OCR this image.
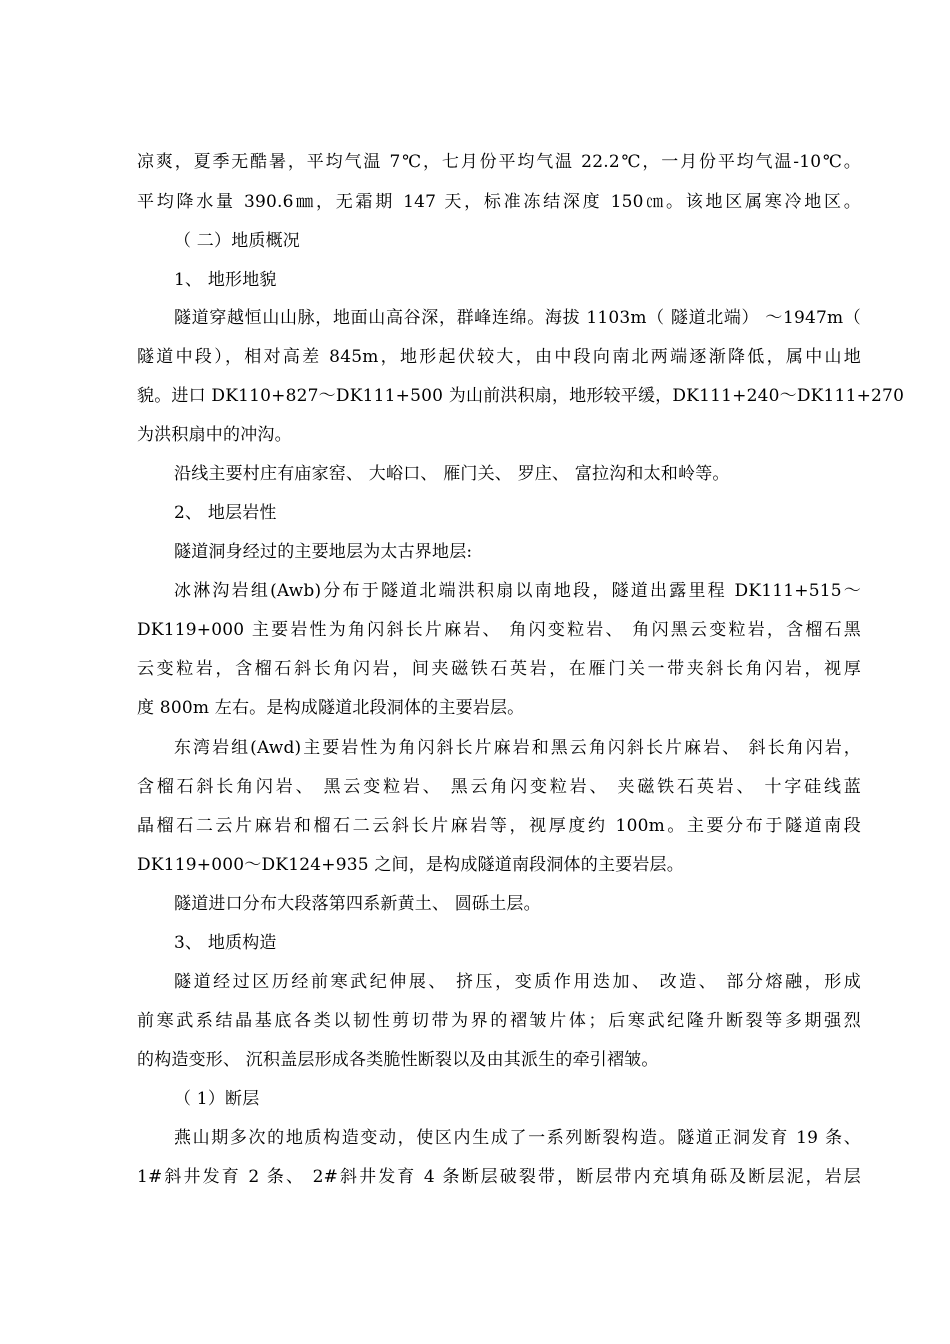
凉爽，夏季无酷暑，平均气温 7℃，七月份平均气温 22.2℃，一月份平均气温-10℃。
平均降水量 390.6㎜，无霜期 147 天，标准冻结深度 150㎝。该地区属寒冷地区。
（ 二）地质概况
1、 地形地貌
隧道穿越恒山山脉，地面山高谷深，群峰连绵。海拔 1103m（ 隧道北端） ～1947m（
隧道中段），相对高差 845m，地形起伏较大，由中段向南北两端逐渐降低，属中山地
貌。进口 DK110+827～DK111+500 为山前洪积扇，地形较平缓，DK111+240～DK111+270
为洪积扇中的冲沟。
沿线主要村庄有庙家窑、 大峪口、 雁门关、 罗庄、 富拉沟和太和岭等。
2、 地层岩性
隧道洞身经过的主要地层为太古界地层:
冰淋沟岩组(Awb)分布于隧道北端洪积扇以南地段，隧道出露里程 DK111+515～
DK119+000 主要岩性为角闪斜长片麻岩、 角闪变粒岩、 角闪黑云变粒岩，含榴石黑
云变粒岩，含榴石斜长角闪岩，间夹磁铁石英岩，在雁门关一带夹斜长角闪岩，视厚
度 800m 左右。是构成隧道北段洞体的主要岩层。
东湾岩组(Awd)主要岩性为角闪斜长片麻岩和黑云角闪斜长片麻岩、 斜长角闪岩，
含榴石斜长角闪岩、 黑云变粒岩、 黑云角闪变粒岩、 夹磁铁石英岩、 十字硅线蓝
晶榴石二云片麻岩和榴石二云斜长片麻岩等，视厚度约 100m。主要分布于隧道南段
DK119+000～DK124+935 之间，是构成隧道南段洞体的主要岩层。
隧道进口分布大段落第四系新黄土、 圆砾土层。
3、 地质构造
隧道经过区历经前寒武纪伸展、 挤压，变质作用迭加、 改造、 部分熔融，形成
前寒武系结晶基底各类以韧性剪切带为界的褶皱片体；后寒武纪隆升断裂等多期强烈
的构造变形、 沉积盖层形成各类脆性断裂以及由其派生的牵引褶皱。
（ 1）断层
燕山期多次的地质构造变动，使区内生成了一系列断裂构造。隧道正洞发育 19 条、
1#斜井发育 2 条、 2#斜井发育 4 条断层破裂带，断层带内充填角砾及断层泥，岩层
